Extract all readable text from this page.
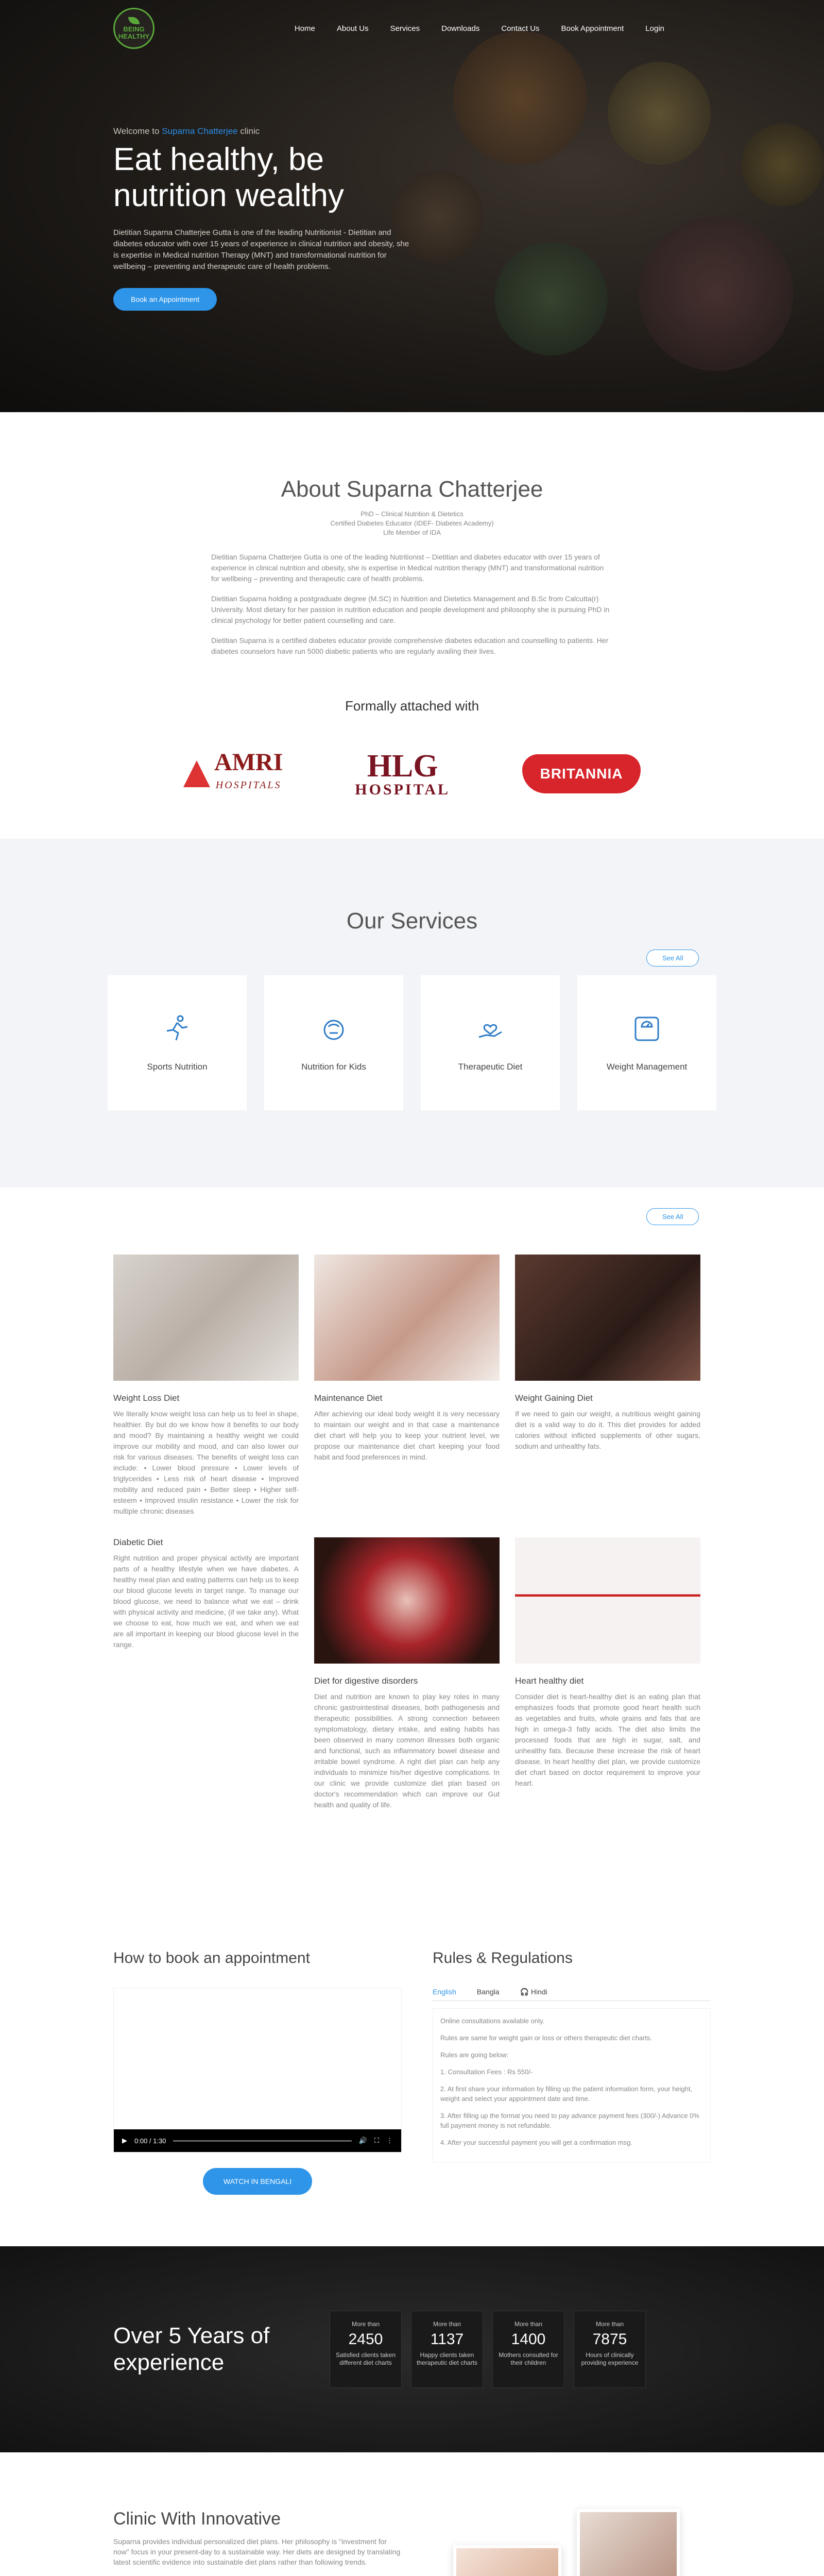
BEING
HEALTHY
Home	About Us	Services	Downloads	Contact Us	Book Appointment	Login
Welcome to Suparna Chatterjee clinic
Eat healthy, be nutrition wealthy

Dietitian Suparna Chatterjee Gutta is one of the leading Nutritionist - Dietitian and diabetes educator with over 15 years of experience in clinical nutrition and obesity, she is expertise in Medical nutrition Therapy (MNT) and transformational nutrition for wellbeing – preventing and therapeutic care of health problems.

Book an Appointment
About Suparna Chatterjee
PhD – Clinical Nutrition & Dietetics
Certified Diabetes Educator (IDEF- Diabetes Academy)
Life Member of IDA

Dietitian Suparna Chatterjee Gutta is one of the leading Nutritionist – Dietitian and diabetes educator with over 15 years of experience in clinical nutrition and obesity, she is expertise in Medical nutrition therapy (MNT) and transformational nutrition for wellbeing – preventing and therapeutic care of health problems.

Dietitian Suparna holding a postgraduate degree (M.SC) in Nutrition and Dietetics Management and B.Sc from Calcutta(r) University. Most dietary for her passion in nutrition education and people development and philosophy she is pursuing PhD in clinical psychology for better patient counselling and care.

Dietitian Suparna is a certified diabetes educator provide comprehensive diabetes education and counselling to patients. Her diabetes counselors have run 5000 diabetic patients who are regularly availing their lives.

Formally attached with
AMRI
HOSPITALS
HLG
HOSPITAL
BRITANNIA
Our Services
See All
Sports Nutrition	Nutrition for Kids	Therapeutic Diet	Weight Management
See All
Weight Loss Diet

We literally know weight loss can help us to feel in shape, healthier. By but do we know how it benefits to our body and mood? By maintaining a healthy weight we could improve our mobility and mood, and can also lower our risk for various diseases. The benefits of weight loss can include: • Lower blood pressure • Lower levels of triglycerides • Less risk of heart disease • Improved mobility and reduced pain • Better sleep • Higher self-esteem • Improved insulin resistance • Lower the risk for multiple chronic diseases

Maintenance Diet

After achieving our ideal body weight it is very necessary to maintain our weight and in that case a maintenance diet chart will help you to keep your nutrient level, we propose our maintenance diet chart keeping your food habit and food preferences in mind.

Weight Gaining Diet

If we need to gain our weight, a nutritious weight gaining diet is a valid way to do it. This diet provides for added calories without inflicted supplements of other sugars, sodium and unhealthy fats.

Diabetic Diet

Right nutrition and proper physical activity are important parts of a healthy lifestyle when we have diabetes. A healthy meal plan and eating patterns can help us to keep our blood glucose levels in target range. To manage our blood glucose, we need to balance what we eat – drink with physical activity and medicine, (if we take any). What we choose to eat, how much we eat, and when we eat are all important in keeping our blood glucose level in the range.

Diet for digestive disorders

Diet and nutrition are known to play key roles in many chronic gastrointestinal diseases, both pathogenesis and therapeutic possibilities. A strong connection between symptomatology, dietary intake, and eating habits has been observed in many common illnesses both organic and functional, such as inflammatory bowel disease and irritable bowel syndrome. A right diet plan can help any individuals to minimize his/her digestive complications. In our clinic we provide customize diet plan based on doctor's recommendation which can improve our Gut health and quality of life.

Heart healthy diet

Consider diet is heart-healthy diet is an eating plan that emphasizes foods that promote good heart health such as vegetables and fruits, whole grains and fats that are high in omega-3 fatty acids. The diet also limits the processed foods that are high in sugar, salt, and unhealthy fats. Because these increase the risk of heart disease. In heart healthy diet plan, we provide customize diet chart based on doctor requirement to improve your heart.

How to book an appointment
▶ 0:00 / 1:30	🔊 ⛶ ⋮
WATCH IN BENGALI
Rules & Regulations
English	Bangla	🎧 Hindi

Online consultations available only.

Rules are same for weight gain or loss or others therapeutic diet charts.

Rules are going below:

1. Consultation Fees : Rs 550/-

2. At first share your information by filling up the patient information form, your height, weight and select your appointment date and time.

3. After filling up the format you need to pay advance payment fees (300/-) Advance 0% full payment money is not refundable.

4. After your successful payment you will get a confirmation msg.

Over 5 Years of experience
More than
2450
Satisfied clients taken different diet charts
More than
1137
Happy clients taken therapeutic diet charts
More than
1400
Mothers consulted for their children
More than
7875
Hours of clinically providing experience
Clinic With Innovative

Suparna provides individual personalized diet plans. Her philosophy is "investment for now" focus in your present-day to a sustainable way. Her diets are designed by translating latest scientific evidence into sustainable diet plans rather than following trends.
